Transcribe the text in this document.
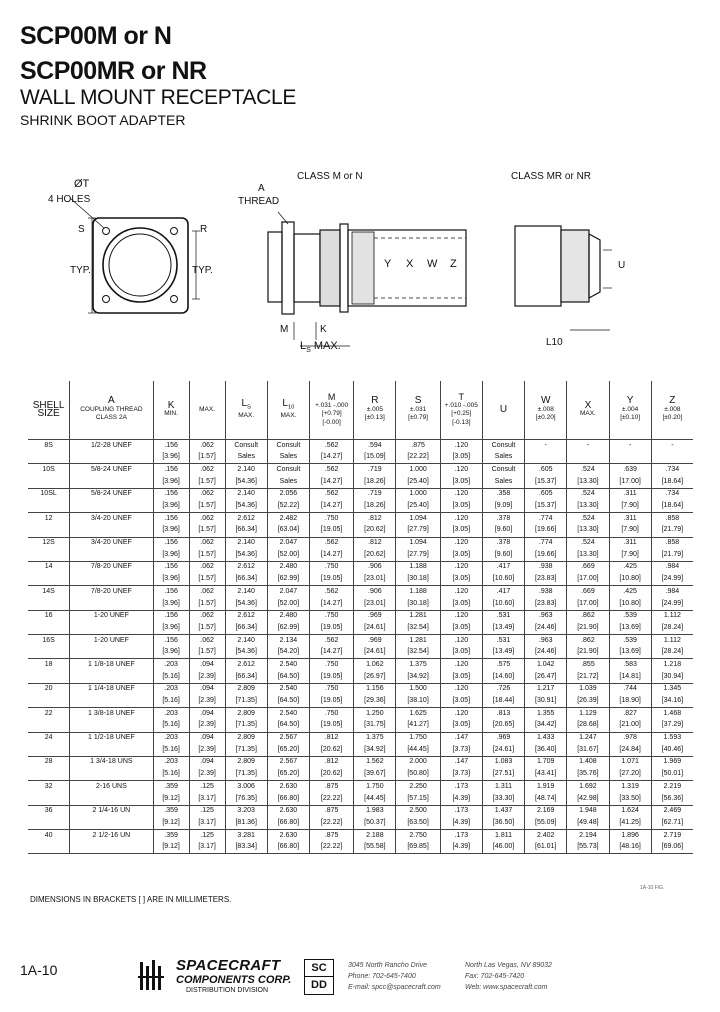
SCP00M or N
SCP00MR or NR
WALL MOUNT RECEPTACLE
SHRINK BOOT ADAPTER
ØT
4 HOLES
S
TYP.
R
TYP.
A
THREAD
CLASS M or N	CLASS MR or NR
Y X W Z
M	K
$L_S$ MAX.
U
L10
SHELL SIZE	A
COUPLING THREAD CLASS 2A	K
MIN.	MAX.	$L_S$
MAX.	$L_{10}$
MAX.	M
+.031 -.000
[+0.79] [-0.00]	R
±.005
[±0.13]	S
±.031
[±0.79]	T
+.010 -.005
[+0.25] [-0.13]	U	W
±.008
[±0.20]	X
MAX.	Y
±.004
[±0.10]	Z
±.008
[±0.20]

8S	1/2-28 UNEF	.156	.062	Consult	Consult	.562	.594	.875	.120	Consult	-	-	-	-
		[3.96]	[1.57]	Sales	Sales	[14.27]	[15.09]	[22.22]	[3.05]	Sales				
10S	5/8-24 UNEF	.156	.062	2.140	Consult	.562	.719	1.000	.120	Consult	.605	.524	.639	.734
		[3.96]	[1.57]	[54.36]	Sales	[14.27]	[18.26]	[25.40]	[3.05]	Sales	[15.37]	[13.30]	[17.00]	[18.64]
10SL	5/8-24 UNEF	.156	.062	2.140	2.056	.562	.719	1.000	.120	.358	.605	.524	.311	.734
		[3.96]	[1.57]	[54.36]	[52.22]	[14.27]	[18.26]	[25.40]	[3.05]	[9.09]	[15.37]	[13.30]	[7.90]	[18.64]
12	3/4-20 UNEF	.156	.062	2.612	2.482	.750	.812	1.094	.120	.378	.774	.524	.311	.858
		[3.96]	[1.57]	[66.34]	[63.04]	[19.05]	[20.62]	[27.79]	[3.05]	[9.60]	[19.66]	[13.30]	[7.90]	[21.79]
12S	3/4-20 UNEF	.156	.062	2.140	2.047	.562	.812	1.094	.120	.378	.774	.524	.311	.858
		[3.96]	[1.57]	[54.36]	[52.00]	[14.27]	[20.62]	[27.79]	[3.05]	[9.60]	[19.66]	[13.30]	[7.90]	[21.79]
14	7/8-20 UNEF	.156	.062	2.612	2.480	.750	.906	1.188	.120	.417	.938	.669	.425	.984
		[3.96]	[1.57]	[66.34]	[62.99]	[19.05]	[23.01]	[30.18]	[3.05]	[10.60]	[23.83]	[17.00]	[10.80]	[24.99]
14S	7/8-20 UNEF	.156	.062	2.140	2.047	.562	.906	1.188	.120	.417	.938	.669	.425	.984
		[3.96]	[1.57]	[54.36]	[52.00]	[14.27]	[23.01]	[30.18]	[3.05]	[10.60]	[23.83]	[17.00]	[10.80]	[24.99]
16	1-20 UNEF	.156	.062	2.612	2.480	.750	.969	1.281	.120	.531	.963	.862	.539	1.112
		[3.96]	[1.57]	[66.34]	[62.99]	[19.05]	[24.61]	[32.54]	[3.05]	[13.49]	[24.46]	[21.90]	[13.69]	[28.24]
16S	1-20 UNEF	.156	.062	2.140	2.134	.562	.969	1.281	.120	.531	.963	.862	.539	1.112
		[3.96]	[1.57]	[54.36]	[54.20]	[14.27]	[24.61]	[32.54]	[3.05]	[13.49]	[24.46]	[21.90]	[13.69]	[28.24]
18	1 1/8-18 UNEF	.203	.094	2.612	2.540	.750	1.062	1.375	.120	.575	1.042	.855	.583	1.218
		[5.16]	[2.39]	[66.34]	[64.50]	[19.05]	[26.97]	[34.92]	[3.05]	[14.60]	[26.47]	[21.72]	[14.81]	[30.94]
20	1 1/4-18 UNEF	.203	.094	2.809	2.540	.750	1.156	1.500	.120	.726	1.217	1.039	.744	1.345
		[5.16]	[2.39]	[71.35]	[64.50]	[19.05]	[29.36]	[38.10]	[3.05]	[18.44]	[30.91]	[26.39]	[18.90]	[34.16]
22	1 3/8-18 UNEF	.203	.094	2.809	2.540	.750	1.250	1.625	.120	.813	1.355	1.129	.827	1.468
		[5.16]	[2.39]	[71.35]	[64.50]	[19.05]	[31.75]	[41.27]	[3.05]	[20.65]	[34.42]	[28.68]	[21.00]	[37.29]
24	1 1/2-18 UNEF	.203	.094	2.809	2.567	.812	1.375	1.750	.147	.969	1.433	1.247	.978	1.593
		[5.16]	[2.39]	[71.35]	[65.20]	[20.62]	[34.92]	[44.45]	[3.73]	[24.61]	[36.40]	[31.67]	[24.84]	[40.46]
28	1 3/4-18 UNS	.203	.094	2.809	2.567	.812	1.562	2.000	.147	1.083	1.709	1.408	1.071	1.969
		[5.16]	[2.39]	[71.35]	[65.20]	[20.62]	[39.67]	[50.80]	[3.73]	[27.51]	[43.41]	[35.76]	[27.20]	[50.01]
32	2-16 UNS	.359	.125	3.006	2.630	.875	1.750	2.250	.173	1.311	1.919	1.692	1.319	2.219
		[9.12]	[3.17]	[76.35]	[66.80]	[22.22]	[44.45]	[57.15]	[4.39]	[33.30]	[48.74]	[42.98]	[33.50]	[56.36]
36	2 1/4-16 UN	.359	.125	3.203	2.630	.875	1.983	2.500	.173	1.437	2.169	1.948	1.624	2.469
		[9.12]	[3.17]	[81.36]	[66.80]	[22.22]	[50.37]	[63.50]	[4.39]	[36.50]	[55.09]	[49.48]	[41.25]	[62.71]
40	2 1/2-16 UN	.359	.125	3.281	2.630	.875	2.188	2.750	.173	1.811	2.402	2.194	1.896	2.719
		[9.12]	[3.17]	[83.34]	[66.80]	[22.22]	[55.58]	[69.85]	[4.39]	[46.00]	[61.01]	[55.73]	[48.16]	[69.06]
DIMENSIONS IN BRACKETS [ ] ARE IN MILLIMETERS.
1A-10 FIG.
1A-10	SPACECRAFT
COMPONENTS CORP.
DISTRIBUTION DIVISION
SC
DD
3045 North Rancho Drive
Phone: 702-645-7400
E-mail: spcc@spacecraft.com
North Las Vegas, NV 89032
Fax: 702-645-7420
Web: www.spacecraft.com
